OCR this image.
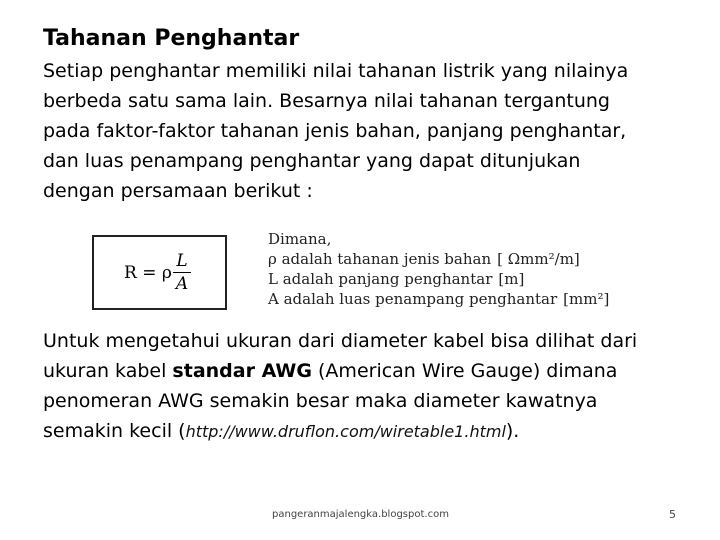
Tahanan Penghantar
Setiap penghantar memiliki nilai tahanan listrik yang nilainya
berbeda satu sama lain. Besarnya nilai tahanan tergantung
pada faktor-faktor tahanan jenis bahan, panjang penghantar,
dan luas penampang penghantar yang dapat ditunjukan
dengan persamaan berikut :
R = ρ
L
A
Dimana,
ρ adalah tahanan jenis bahan [ Ωmm²/m]
L adalah panjang penghantar [m]
A adalah luas penampang penghantar [mm²]
Untuk mengetahui ukuran dari diameter kabel bisa dilihat dari
ukuran kabel standar AWG (American Wire Gauge) dimana
penomeran AWG semakin besar maka diameter kawatnya
semakin kecil (http://www.druflon.com/wiretable1.html).
pangeranmajalengka.blogspot.com	5
